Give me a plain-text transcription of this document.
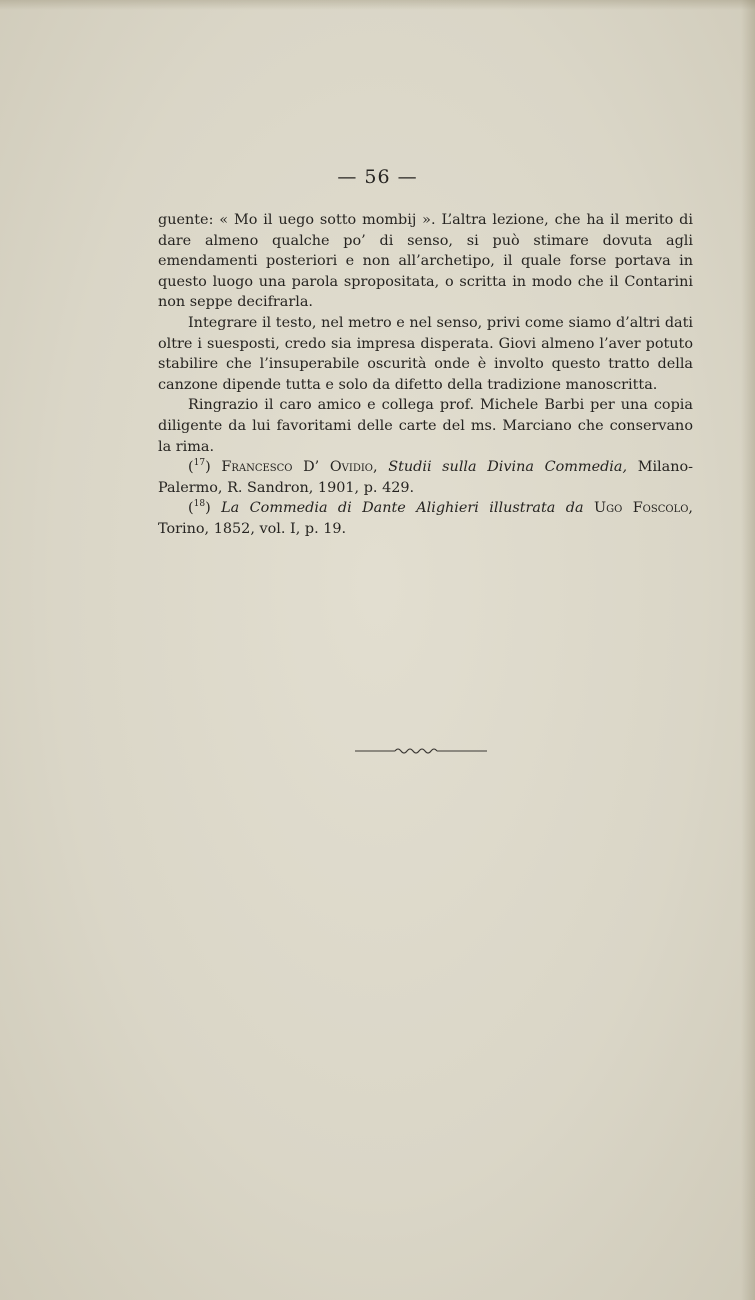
— 56 —

guente: « Mo il uego sotto mombij ». L’altra lezione, che ha il merito di dare almeno qualche po’ di senso, si può stimare dovuta agli emendamenti posteriori e non all’archetipo, il quale forse portava in questo luogo una parola spropositata, o scritta in modo che il Contarini non seppe decifrarla.

Integrare il testo, nel metro e nel senso, privi come siamo d’altri dati oltre i suesposti, credo sia impresa disperata. Giovi almeno l’aver potuto stabilire che l’insuperabile oscurità onde è involto questo tratto della canzone dipende tutta e solo da difetto della tradizione manoscritta.

Ringrazio il caro amico e collega prof. Michele Barbi per una copia diligente da lui favoritami delle carte del ms. Marciano che conservano la rima.

($^{17}$) Francesco D’ Ovidio, Studii sulla Divina Commedia, Milano-Palermo, R. Sandron, 1901, p. 429.

($^{18}$) La Commedia di Dante Alighieri illustrata da Ugo Foscolo, Torino, 1852, vol. I, p. 19.
